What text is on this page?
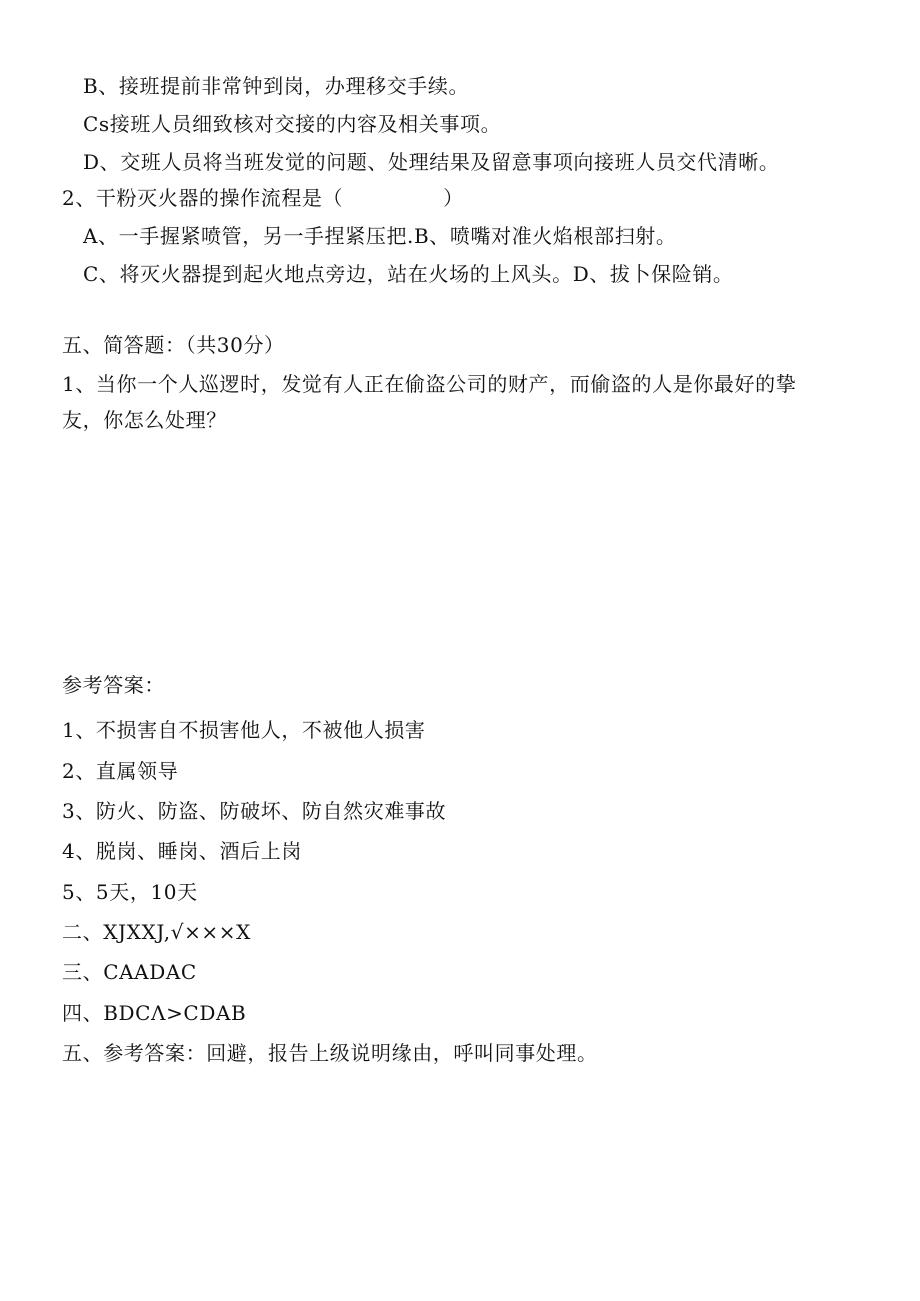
B、接班提前非常钟到岗，办理移交手续。
Cs接班人员细致核对交接的内容及相关事项。
D、交班人员将当班发觉的问题、处理结果及留意事项向接班人员交代清晰。
2、干粉灭火器的操作流程是（	）
A、一手握紧喷管，另一手捏紧压把.B、喷嘴对准火焰根部扫射。
C、将灭火器提到起火地点旁边，站在火场的上风头。D、拔卜保险销。
五、简答题：（共30分）
1、当你一个人巡逻时，发觉有人正在偷盗公司的财产，而偷盗的人是你最好的挚
友，你怎么处理？
参考答案：
1、不损害自不损害他人，不被他人损害
2、直属领导
3、防火、防盗、防破坏、防自然灾难事故
4、脱岗、睡岗、酒后上岗
5、5天，10天
二、XJXXJ,√×××X
三、CAADAC
四、BDCΛ>CDAB
五、参考答案：回避，报告上级说明缘由，呼叫同事处理。
